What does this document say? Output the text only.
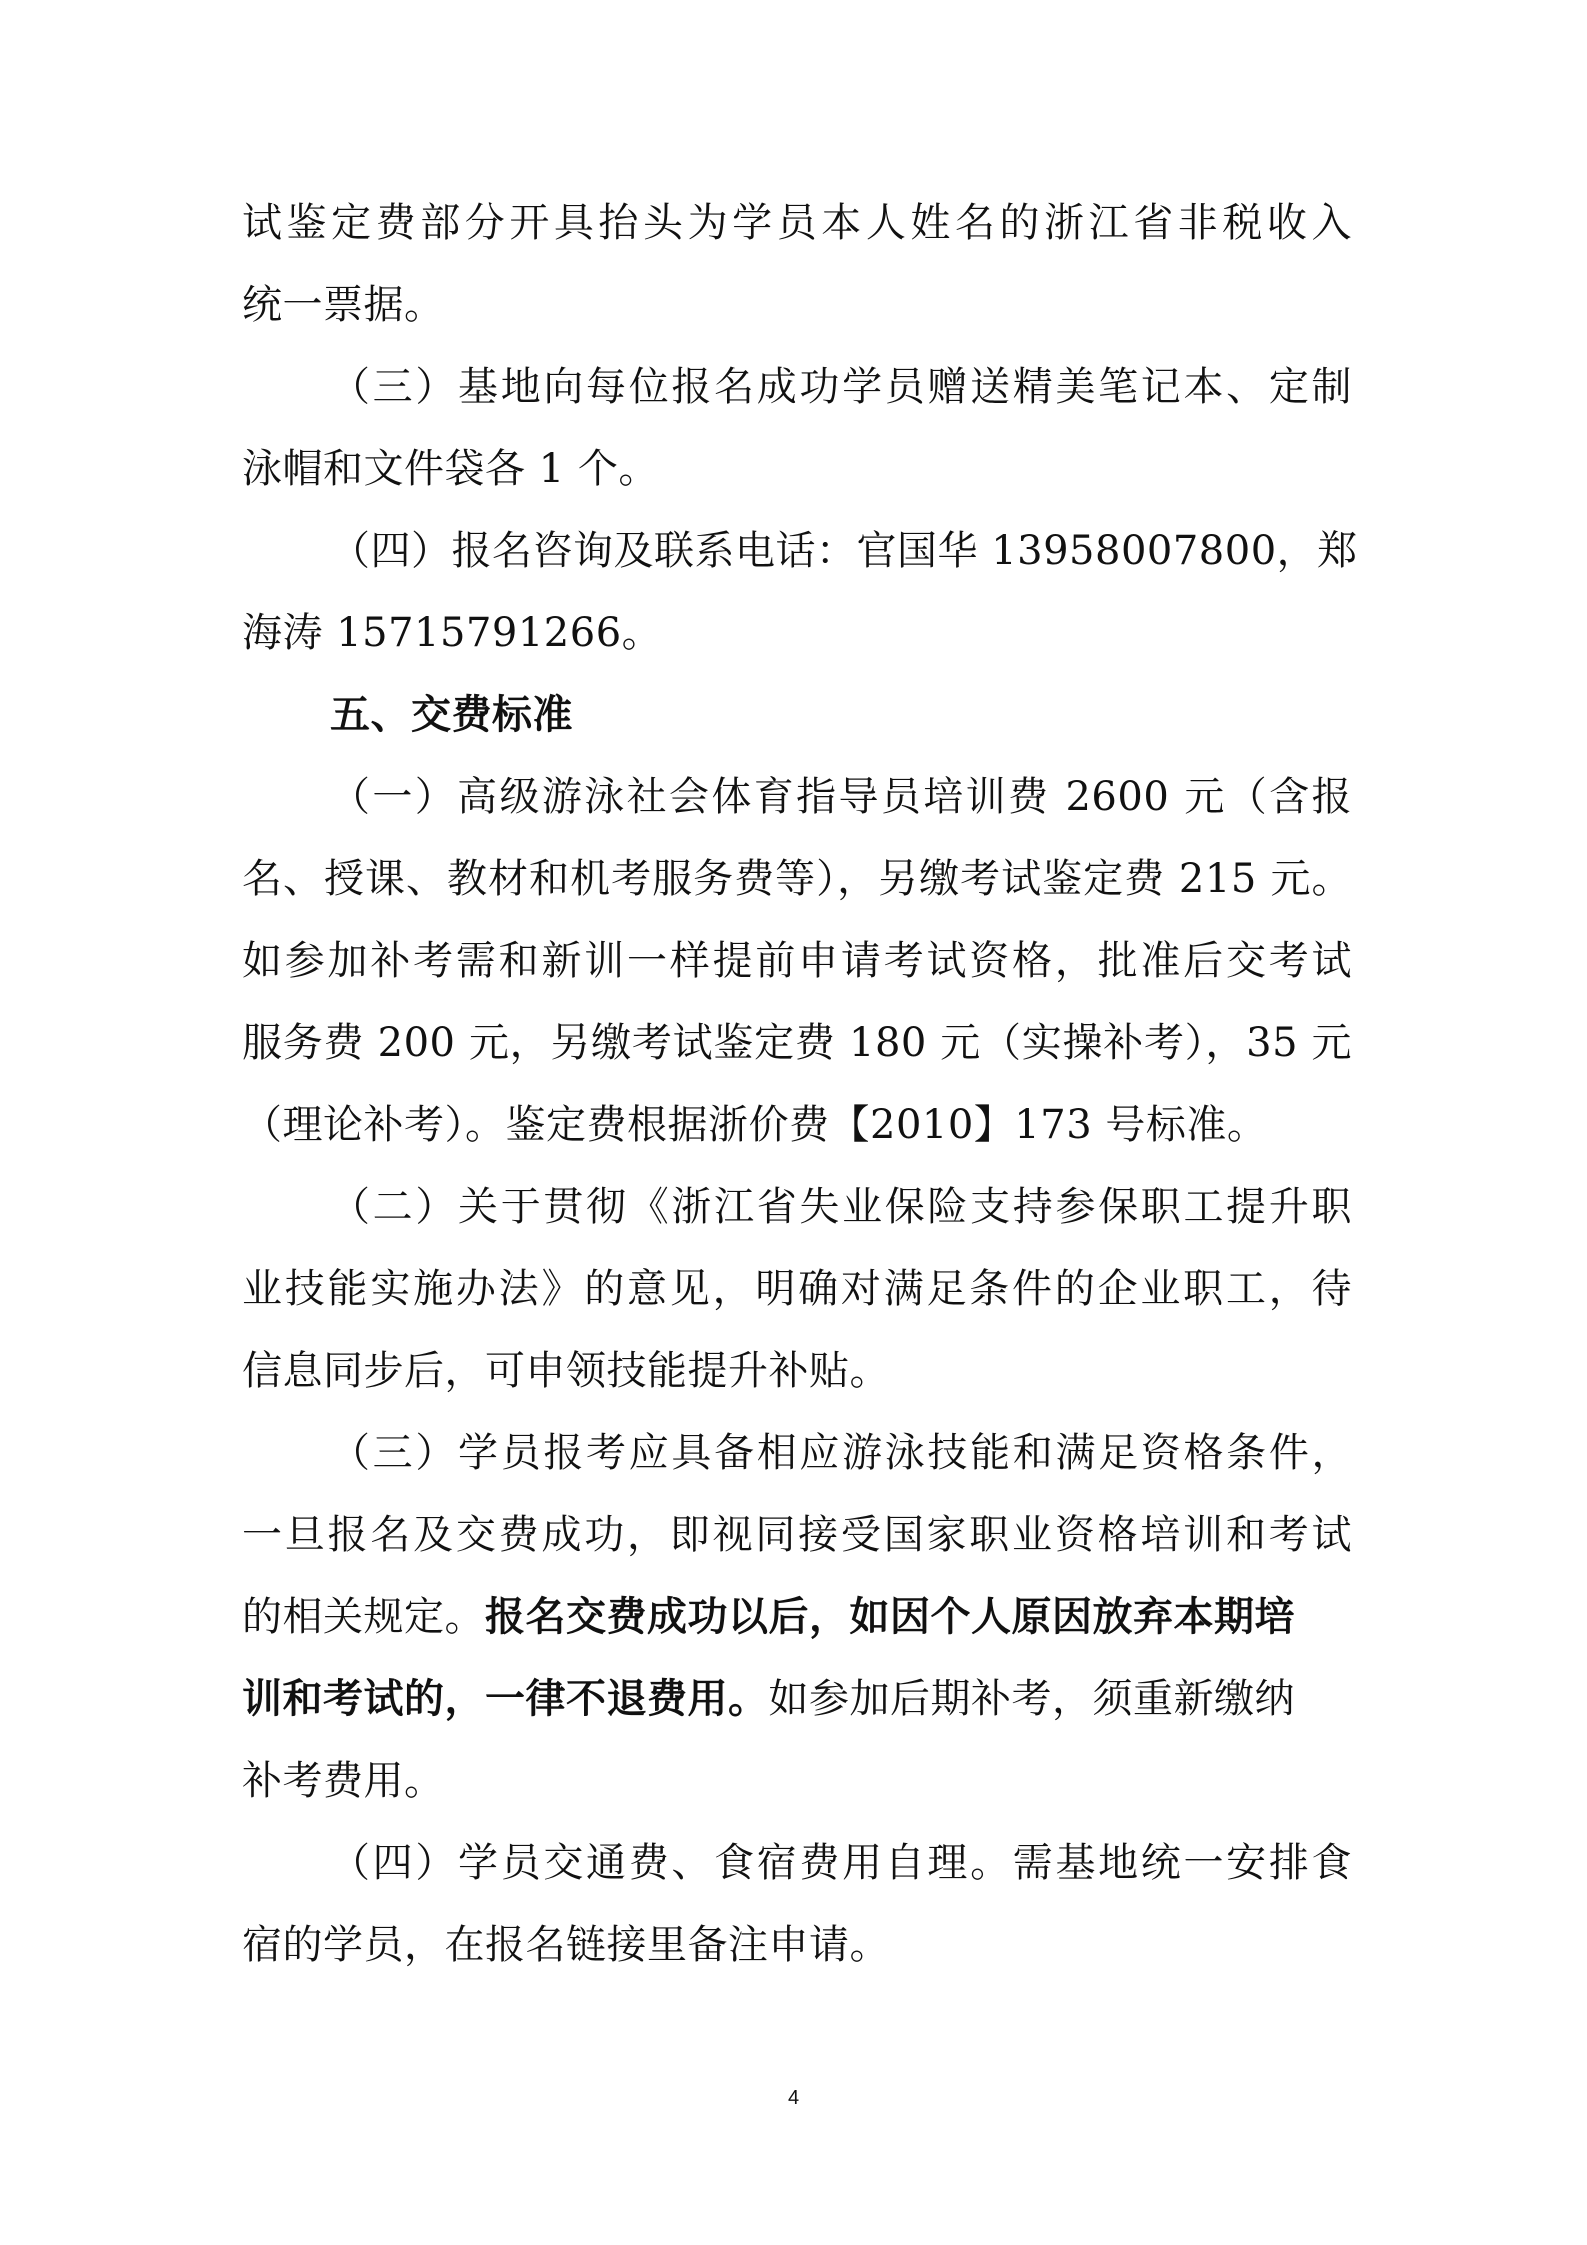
试鉴定费部分开具抬头为学员本人姓名的浙江省非税收入
统一票据。
（三）基地向每位报名成功学员赠送精美笔记本、定制
泳帽和文件袋各 1 个。
（四）报名咨询及联系电话：官国华 13958007800，郑
海涛 15715791266。
五、交费标准
（一）高级游泳社会体育指导员培训费 2600 元（含报
名、授课、教材和机考服务费等），另缴考试鉴定费 215 元。
如参加补考需和新训一样提前申请考试资格，批准后交考试
服务费 200 元，另缴考试鉴定费 180 元（实操补考），35 元
（理论补考）。鉴定费根据浙价费【2010】173 号标准。
（二）关于贯彻《浙江省失业保险支持参保职工提升职
业技能实施办法》的意见，明确对满足条件的企业职工，待
信息同步后，可申领技能提升补贴。
（三）学员报考应具备相应游泳技能和满足资格条件，
一旦报名及交费成功，即视同接受国家职业资格培训和考试
的相关规定。报名交费成功以后，如因个人原因放弃本期培
训和考试的，一律不退费用。如参加后期补考，须重新缴纳
补考费用。
（四）学员交通费、食宿费用自理。需基地统一安排食
宿的学员，在报名链接里备注申请。
4
